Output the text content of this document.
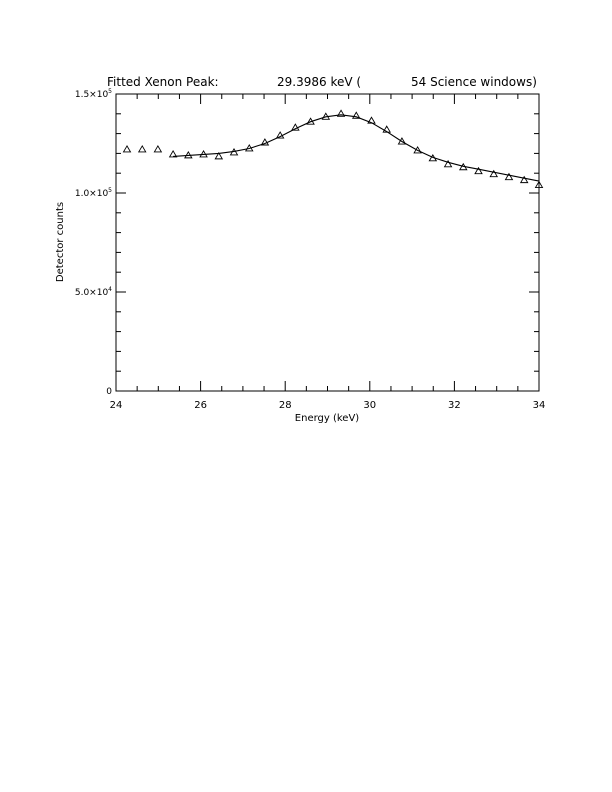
Fitted Xenon Peak:	29.3986 keV (	54 Science windows)
24	26	28	30	32	34
0
$5.0\times 10^4$
$1.0\times 10^5$
$1.5\times 10^5$
Energy (keV)
Detector counts
